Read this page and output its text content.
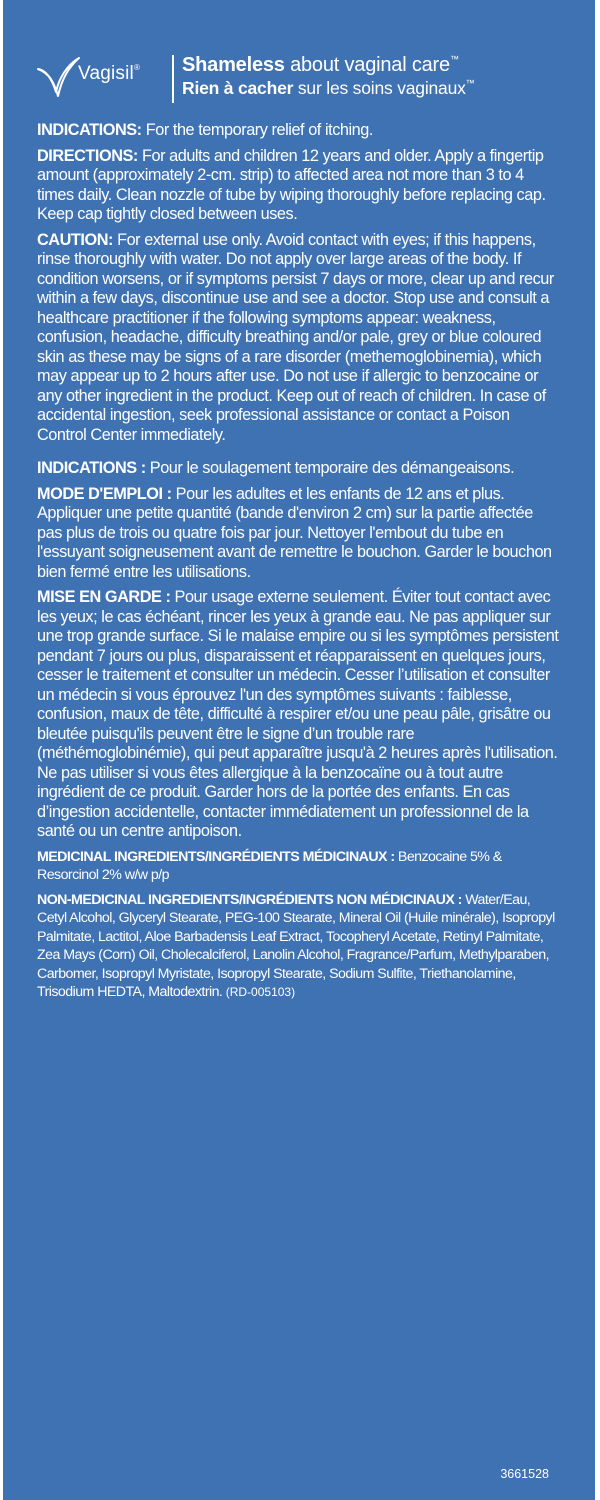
Vagisil® Shameless about vaginal care™
Rien à cacher sur les soins vaginaux™

INDICATIONS: For the temporary relief of itching.

DIRECTIONS: For adults and children 12 years and older. Apply a fingertip amount (approximately 2-cm. strip) to affected area not more than 3 to 4 times daily. Clean nozzle of tube by wiping thoroughly before replacing cap. Keep cap tightly closed between uses.

CAUTION: For external use only. Avoid contact with eyes; if this happens, rinse thoroughly with water. Do not apply over large areas of the body. If condition worsens, or if symptoms persist 7 days or more, clear up and recur within a few days, discontinue use and see a doctor. Stop use and consult a healthcare practitioner if the following symptoms appear: weakness, confusion, headache, difficulty breathing and/or pale, grey or blue coloured skin as these may be signs of a rare disorder (methemoglobinemia), which may appear up to 2 hours after use. Do not use if allergic to benzocaine or any other ingredient in the product. Keep out of reach of children. In case of accidental ingestion, seek professional assistance or contact a Poison Control Center immediately.

INDICATIONS : Pour le soulagement temporaire des démangeaisons.

MODE D'EMPLOI : Pour les adultes et les enfants de 12 ans et plus. Appliquer une petite quantité (bande d'environ 2 cm) sur la partie affectée pas plus de trois ou quatre fois par jour. Nettoyer l'embout du tube en l'essuyant soigneusement avant de remettre le bouchon. Garder le bouchon bien fermé entre les utilisations.

MISE EN GARDE : Pour usage externe seulement. Éviter tout contact avec les yeux; le cas échéant, rincer les yeux à grande eau. Ne pas appliquer sur une trop grande surface. Si le malaise empire ou si les symptômes persistent pendant 7 jours ou plus, disparaissent et réapparaissent en quelques jours, cesser le traitement et consulter un médecin. Cesser l’utilisation et consulter un médecin si vous éprouvez l'un des symptômes suivants : faiblesse, confusion, maux de tête, difficulté à respirer et/ou une peau pâle, grisâtre ou bleutée puisqu'ils peuvent être le signe d’un trouble rare (méthémoglobinémie), qui peut apparaître jusqu'à 2 heures après l'utilisation. Ne pas utiliser si vous êtes allergique à la benzocaïne ou à tout autre ingrédient de ce produit. Garder hors de la portée des enfants. En cas d’ingestion accidentelle, contacter immédiatement un professionnel de la santé ou un centre antipoison.

MEDICINAL INGREDIENTS/INGRÉDIENTS MÉDICINAUX : Benzocaine 5% & Resorcinol 2% w/w p/p

NON-MEDICINAL INGREDIENTS/INGRÉDIENTS NON MÉDICINAUX : Water/Eau, Cetyl Alcohol, Glyceryl Stearate, PEG-100 Stearate, Mineral Oil (Huile minérale), Isopropyl Palmitate, Lactitol, Aloe Barbadensis Leaf Extract, Tocopheryl Acetate, Retinyl Palmitate, Zea Mays (Corn) Oil, Cholecalciferol, Lanolin Alcohol, Fragrance/Parfum, Methylparaben, Carbomer, Isopropyl Myristate, Isopropyl Stearate, Sodium Sulfite, Triethanolamine, Trisodium HEDTA, Maltodextrin. (RD-005103)

3661528
